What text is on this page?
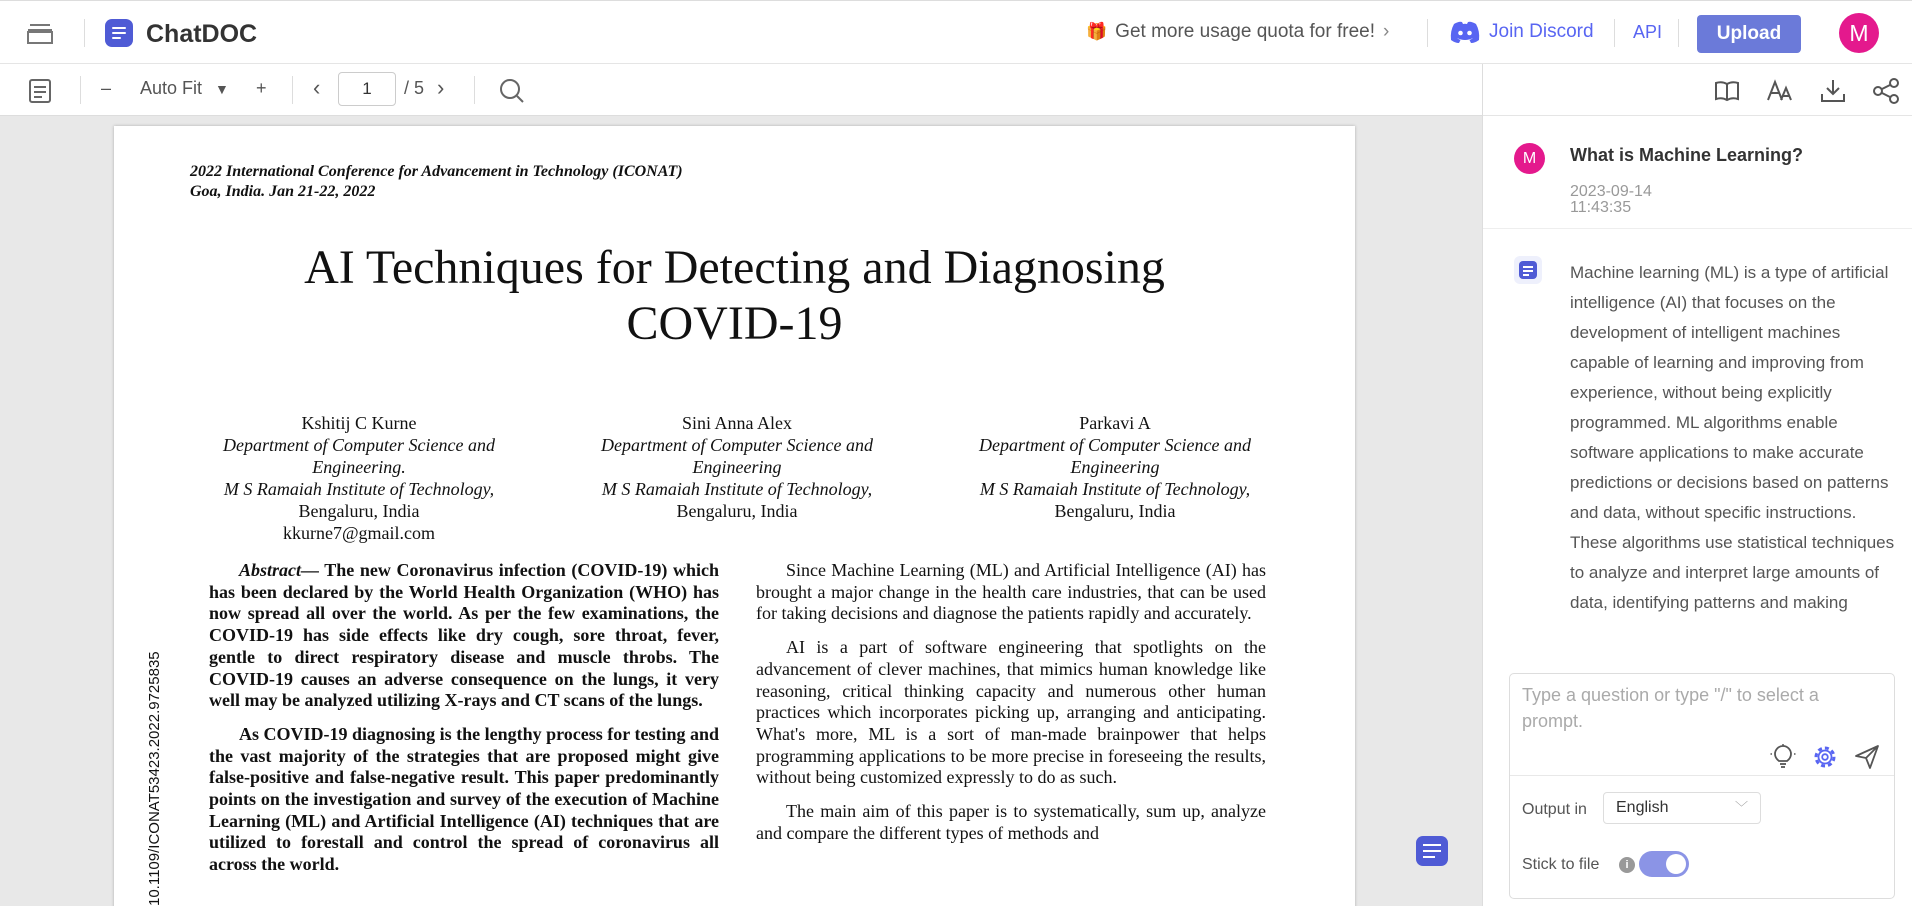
ChatDOC	🎁 Get more usage quota for free! ›	Join Discord API	Upload	M
– Auto Fit ▼ + ‹
1	/ 5 ›
2022 International Conference for Advancement in Technology (ICONAT)
Goa, India. Jan 21-22, 2022
AI Techniques for Detecting and Diagnosing
COVID-19
Kshitij C Kurne
Department of Computer Science and
Engineering.
M S Ramaiah Institute of Technology,
Bengaluru, India
kkurne7@gmail.com
Sini Anna Alex
Department of Computer Science and
Engineering
M S Ramaiah Institute of Technology,
Bengaluru, India
Parkavi A
Department of Computer Science and
Engineering
M S Ramaiah Institute of Technology,
Bengaluru, India
10.1109/ICONAT53423.2022.9725835

Abstract— The new Coronavirus infection (COVID-19) which has been declared by the World Health Organization (WHO) has now spread all over the world. As per the few examinations, the COVID-19 has side effects like dry cough, sore throat, fever, gentle to direct respiratory disease and muscle throbs. The COVID-19 causes an adverse consequence on the lungs, it very well may be analyzed utilizing X-rays and CT scans of the lungs.

As COVID-19 diagnosing is the lengthy process for testing and the vast majority of the strategies that are proposed might give false-positive and false-negative result. This paper predominantly points on the investigation and survey of the execution of Machine Learning (ML) and Artificial Intelligence (AI) techniques that are utilized to forestall and control the spread of coronavirus all across the world.

Since Machine Learning (ML) and Artificial Intelligence (AI) has brought a major change in the health care industries, that can be used for taking decisions and diagnose the patients rapidly and accurately.

AI is a part of software engineering that spotlights on the advancement of clever machines, that mimics human knowledge like reasoning, critical thinking capacity and numerous other human practices which incorporates picking up, arranging and anticipating. What's more, ML is a sort of man-made brainpower that helps programming applications to be more precise in foreseeing the results, without being customized expressly to do as such.

The main aim of this paper is to systematically, sum up, analyze and compare the different types of methods and

M	What is Machine Learning?
2023-09-14
11:43:35
Machine learning (ML) is a type of artificial intelligence (AI) that focuses on the development of intelligent machines capable of learning and improving from experience, without being explicitly programmed. ML algorithms enable software applications to make accurate predictions or decisions based on patterns and data, without specific instructions. These algorithms use statistical techniques to analyze and interpret large amounts of data, identifying patterns and making
Type a question or type "/" to select a prompt.
Output in	English	﹀
Stick to file	i
